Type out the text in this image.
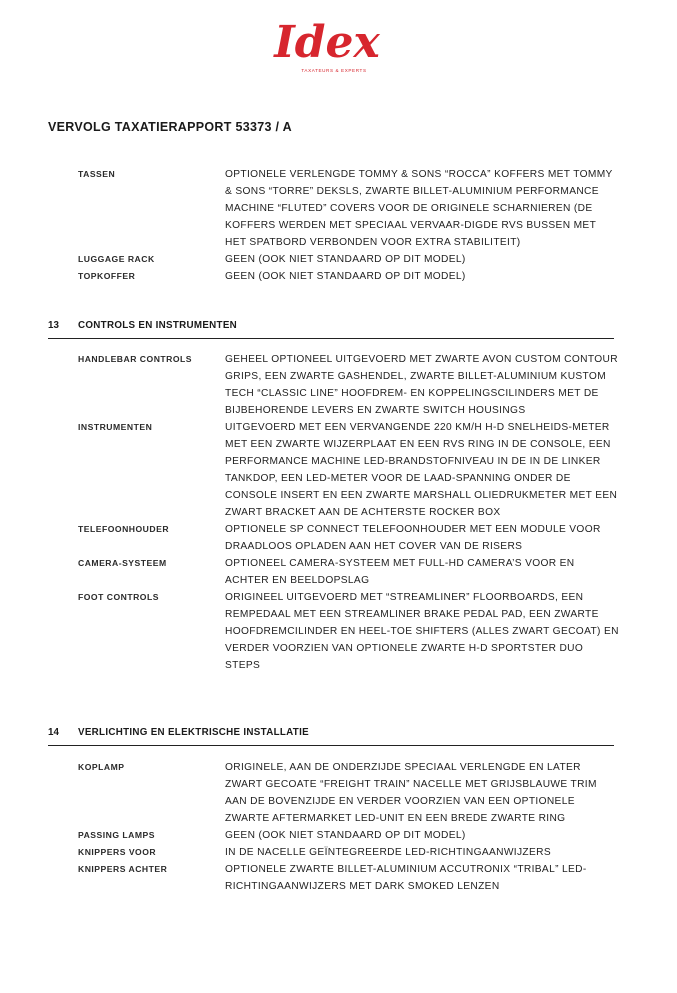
Idex
TAXATEURS & EXPERTS
VERVOLG TAXATIERAPPORT 53373 / A
TASSEN	OPTIONELE VERLENGDE TOMMY & SONS “ROCCA” KOFFERS MET TOMMY & SONS “TORRE” DEKSLS, ZWARTE BILLET-ALUMINIUM PERFORMANCE MACHINE “FLUTED” COVERS VOOR DE ORIGINELE SCHARNIEREN (DE KOFFERS WERDEN MET SPECIAAL VERVAAR-DIGDE RVS BUSSEN MET HET SPATBORD VERBONDEN VOOR EXTRA STABILITEIT)
LUGGAGE RACK	GEEN (OOK NIET STANDAARD OP DIT MODEL)
TOPKOFFER	GEEN (OOK NIET STANDAARD OP DIT MODEL)
13 CONTROLS EN INSTRUMENTEN
HANDLEBAR CONTROLS	GEHEEL OPTIONEEL UITGEVOERD MET ZWARTE AVON CUSTOM CONTOUR GRIPS, EEN ZWARTE GASHENDEL, ZWARTE BILLET-ALUMINIUM KUSTOM TECH “CLASSIC LINE” HOOFDREM- EN KOPPELINGSCILINDERS MET DE BIJBEHORENDE LEVERS EN ZWARTE SWITCH HOUSINGS
INSTRUMENTEN	UITGEVOERD MET EEN VERVANGENDE 220 KM/H H-D SNELHEIDS-METER MET EEN ZWARTE WIJZERPLAAT EN EEN RVS RING IN DE CONSOLE, EEN PERFORMANCE MACHINE LED-BRANDSTOFNIVEAU IN DE IN DE LINKER TANKDOP, EEN LED-METER VOOR DE LAAD-SPANNING ONDER DE CONSOLE INSERT EN EEN ZWARTE MARSHALL OLIEDRUKMETER MET EEN ZWART BRACKET AAN DE ACHTERSTE ROCKER BOX
TELEFOONHOUDER	OPTIONELE SP CONNECT TELEFOONHOUDER MET EEN MODULE VOOR DRAADLOOS OPLADEN AAN HET COVER VAN DE RISERS
CAMERA-SYSTEEM	OPTIONEEL CAMERA-SYSTEEM MET FULL-HD CAMERA’S VOOR EN ACHTER EN BEELDOPSLAG
FOOT CONTROLS	ORIGINEEL UITGEVOERD MET “STREAMLINER” FLOORBOARDS, EEN REMPEDAAL MET EEN STREAMLINER BRAKE PEDAL PAD, EEN ZWARTE HOOFDREMCILINDER EN HEEL-TOE SHIFTERS (ALLES ZWART GECOAT) EN VERDER VOORZIEN VAN OPTIONELE ZWARTE H-D SPORTSTER DUO STEPS
14 VERLICHTING EN ELEKTRISCHE INSTALLATIE
KOPLAMP	ORIGINELE, AAN DE ONDERZIJDE SPECIAAL VERLENGDE EN LATER ZWART GECOATE “FREIGHT TRAIN” NACELLE MET GRIJSBLAUWE TRIM AAN DE BOVENZIJDE EN VERDER VOORZIEN VAN EEN OPTIONELE ZWARTE AFTERMARKET LED-UNIT EN EEN BREDE ZWARTE RING
PASSING LAMPS	GEEN (OOK NIET STANDAARD OP DIT MODEL)
KNIPPERS VOOR	IN DE NACELLE GEÏNTEGREERDE LED-RICHTINGAANWIJZERS
KNIPPERS ACHTER	OPTIONELE ZWARTE BILLET-ALUMINIUM ACCUTRONIX “TRIBAL” LED-RICHTINGAANWIJZERS MET DARK SMOKED LENZEN
